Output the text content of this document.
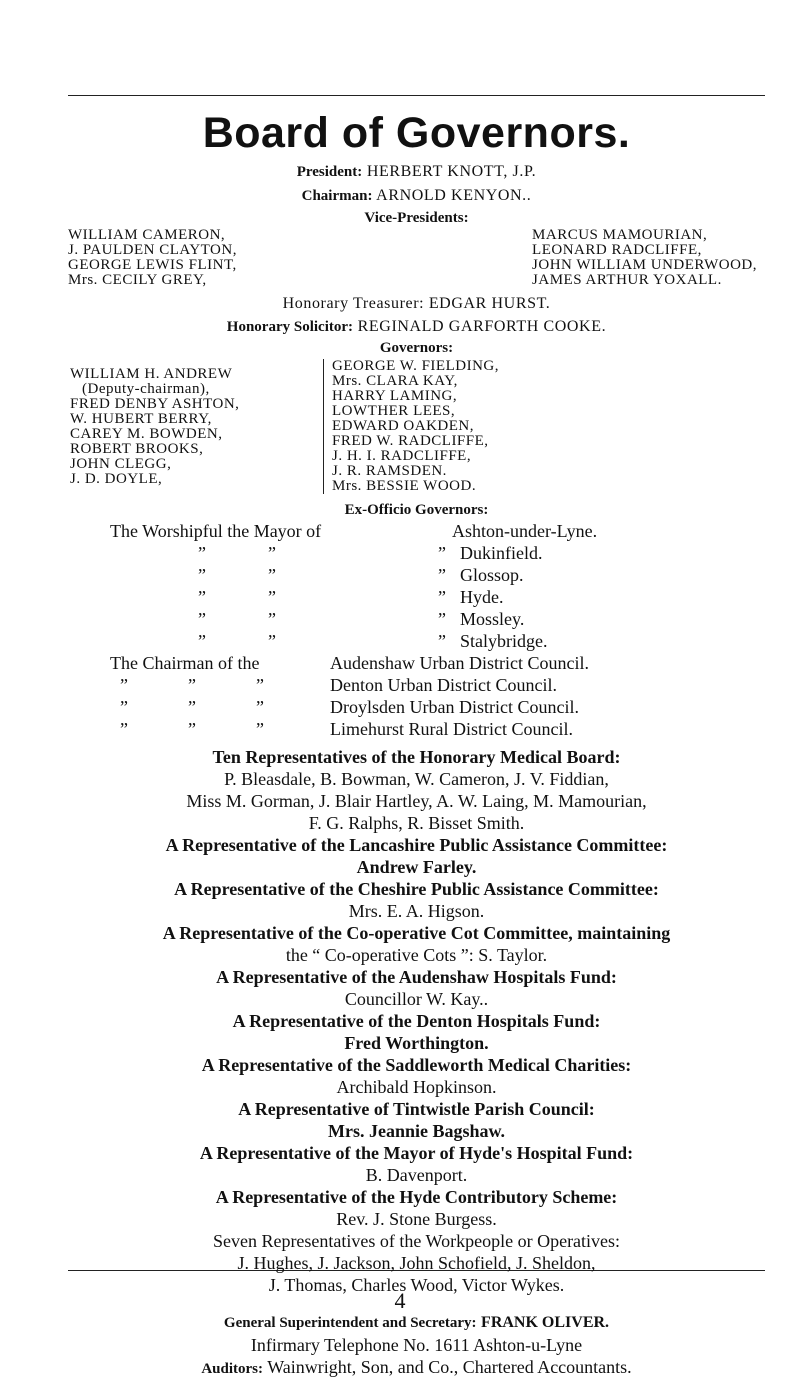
Board of Governors.
President: HERBERT KNOTT, J.P.
Chairman: ARNOLD KENYON..
Vice-Presidents:
WILLIAM CAMERON,
J. PAULDEN CLAYTON,
GEORGE LEWIS FLINT,
Mrs. CECILY GREY,
MARCUS MAMOURIAN,
LEONARD RADCLIFFE,
JOHN WILLIAM UNDERWOOD,
JAMES ARTHUR YOXALL.
Honorary Treasurer: EDGAR HURST.
Honorary Solicitor: REGINALD GARFORTH COOKE.
Governors:
WILLIAM H. ANDREW
(Deputy-chairman),
FRED DENBY ASHTON,
W. HUBERT BERRY,
CAREY M. BOWDEN,
ROBERT BROOKS,
JOHN CLEGG,
J. D. DOYLE,
GEORGE W. FIELDING,
Mrs. CLARA KAY,
HARRY LAMING,
LOWTHER LEES,
EDWARD OAKDEN,
FRED W. RADCLIFFE,
J. H. I. RADCLIFFE,
J. R. RAMSDEN.
Mrs. BESSIE WOOD.
Ex-Officio Governors:
The Worshipful the Mayor of	Ashton-under-Lyne.
”	”	” Dukinfield.
”	”	” Glossop.
”	”	” Hyde.
”	”	” Mossley.
”	”	” Stalybridge.
The Chairman of the	Audenshaw Urban District Council.
”	”	”	Denton Urban District Council.
”	”	”	Droylsden Urban District Council.
”	”	”	Limehurst Rural District Council.
Ten Representatives of the Honorary Medical Board:
P. Bleasdale, B. Bowman, W. Cameron, J. V. Fiddian,
Miss M. Gorman, J. Blair Hartley, A. W. Laing, M. Mamourian,
F. G. Ralphs, R. Bisset Smith.
A Representative of the Lancashire Public Assistance Committee:
Andrew Farley.
A Representative of the Cheshire Public Assistance Committee:
Mrs. E. A. Higson.
A Representative of the Co-operative Cot Committee, maintaining
the “ Co-operative Cots ”: S. Taylor.
A Representative of the Audenshaw Hospitals Fund:
Councillor W. Kay..
A Representative of the Denton Hospitals Fund:
Fred Worthington.
A Representative of the Saddleworth Medical Charities:
Archibald Hopkinson.
A Representative of Tintwistle Parish Council:
Mrs. Jeannie Bagshaw.
A Representative of the Mayor of Hyde's Hospital Fund:
B. Davenport.
A Representative of the Hyde Contributory Scheme:
Rev. J. Stone Burgess.
Seven Representatives of the Workpeople or Operatives:
J. Hughes, J. Jackson, John Schofield, J. Sheldon,
J. Thomas, Charles Wood, Victor Wykes.
General Superintendent and Secretary: FRANK OLIVER.
Infirmary Telephone No. 1611 Ashton-u-Lyne
Auditors: Wainwright, Son, and Co., Chartered Accountants.
4
